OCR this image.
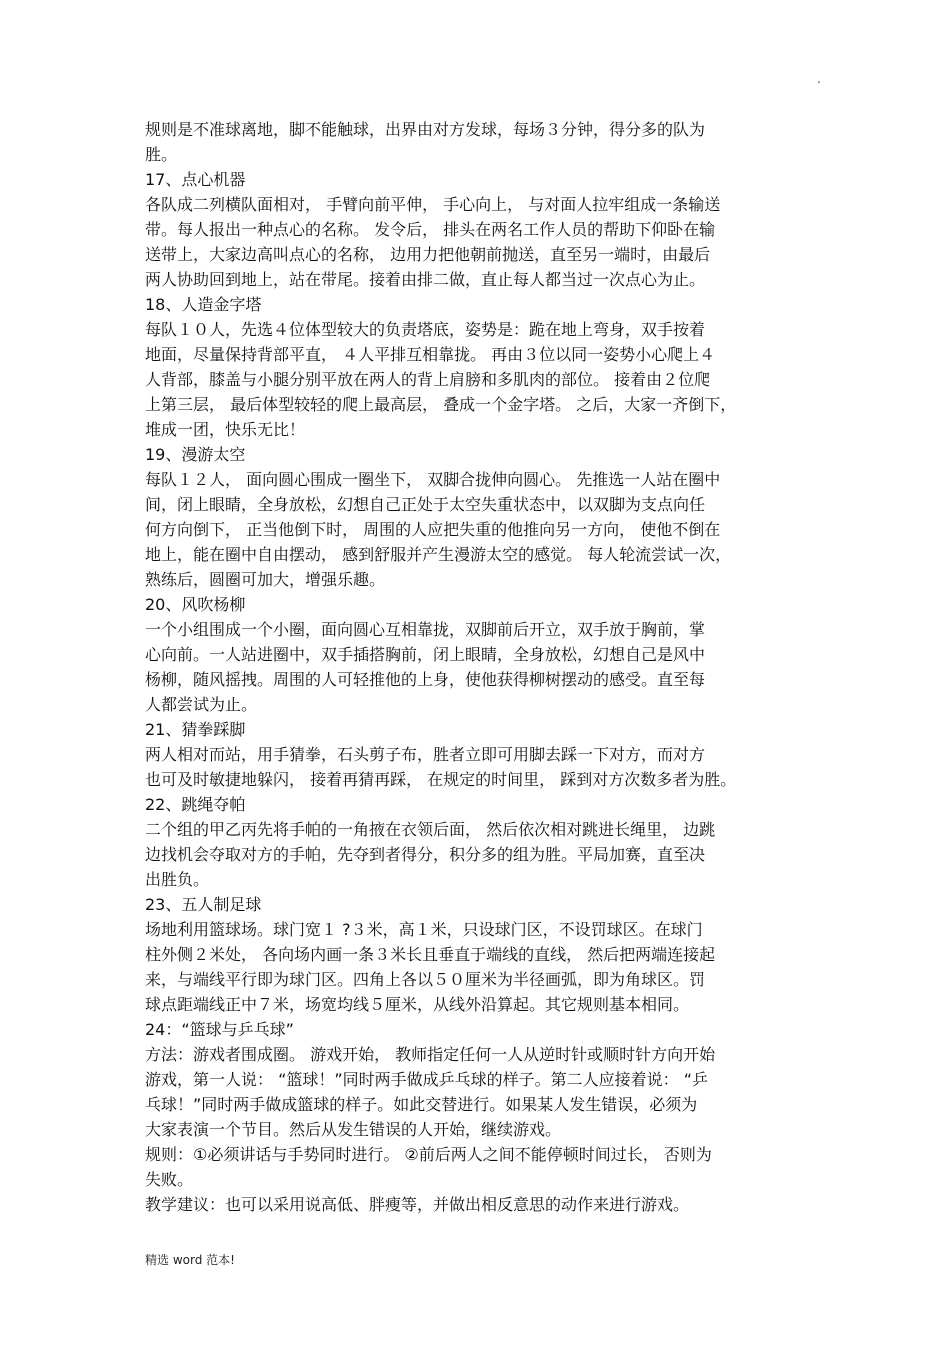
.
规则是不准球离地，脚不能触球，出界由对方发球，每场３分钟，得分多的队为
胜。
17、点心机器
各队成二列横队面相对， 手臂向前平伸， 手心向上， 与对面人拉牢组成一条输送
带。每人报出一种点心的名称。 发令后， 排头在两名工作人员的帮助下仰卧在输
送带上，大家边高叫点心的名称， 边用力把他朝前抛送，直至另一端时，由最后
两人协助回到地上，站在带尾。接着由排二做，直止每人都当过一次点心为止。
18、人造金字塔
每队１０人，先选４位体型较大的负责塔底，姿势是：跪在地上弯身，双手按着
地面，尽量保持背部平直， ４人平排互相靠拢。 再由３位以同一姿势小心爬上４
人背部，膝盖与小腿分别平放在两人的背上肩膀和多肌肉的部位。 接着由２位爬
上第三层， 最后体型较轻的爬上最高层， 叠成一个金字塔。 之后，大家一齐倒下，
堆成一团，快乐无比！
19、漫游太空
每队１２人， 面向圆心围成一圈坐下， 双脚合拢伸向圆心。 先推选一人站在圈中
间，闭上眼睛，全身放松，幻想自己正处于太空失重状态中，以双脚为支点向任
何方向倒下， 正当他倒下时， 周围的人应把失重的他推向另一方向， 使他不倒在
地上，能在圈中自由摆动， 感到舒服并产生漫游太空的感觉。 每人轮流尝试一次，
熟练后，圆圈可加大，增强乐趣。
20、风吹杨柳
一个小组围成一个小圈，面向圆心互相靠拢，双脚前后开立，双手放于胸前，掌
心向前。一人站进圈中，双手插搭胸前，闭上眼睛，全身放松，幻想自己是风中
杨柳，随风摇拽。周围的人可轻推他的上身，使他获得柳树摆动的感受。直至每
人都尝试为止。
21、猜拳踩脚
两人相对而站，用手猜拳，石头剪子布，胜者立即可用脚去踩一下对方，而对方
也可及时敏捷地躲闪， 接着再猜再踩， 在规定的时间里， 踩到对方次数多者为胜。
22、跳绳夺帕
二个组的甲乙丙先将手帕的一角掖在衣领后面， 然后依次相对跳进长绳里， 边跳
边找机会夺取对方的手帕，先夺到者得分，积分多的组为胜。平局加赛，直至决
出胜负。
23、五人制足球
场地利用篮球场。球门宽１ ?３米，高１米，只设球门区，不设罚球区。在球门
柱外侧２米处， 各向场内画一条３米长且垂直于端线的直线， 然后把两端连接起
来，与端线平行即为球门区。四角上各以５０厘米为半径画弧，即为角球区。罚
球点距端线正中７米，场宽均线５厘米，从线外沿算起。其它规则基本相同。
24：“篮球与乒乓球”
方法：游戏者围成圈。 游戏开始， 教师指定任何一人从逆时针或顺时针方向开始
游戏，第一人说： “篮球！”同时两手做成乒乓球的样子。第二人应接着说： “乒
乓球！”同时两手做成篮球的样子。如此交替进行。如果某人发生错误，必须为
大家表演一个节目。然后从发生错误的人开始，继续游戏。
规则：①必须讲话与手势同时进行。 ②前后两人之间不能停顿时间过长， 否则为
失败。
教学建议：也可以采用说高低、胖瘦等，并做出相反意思的动作来进行游戏。
精选 word 范本!
